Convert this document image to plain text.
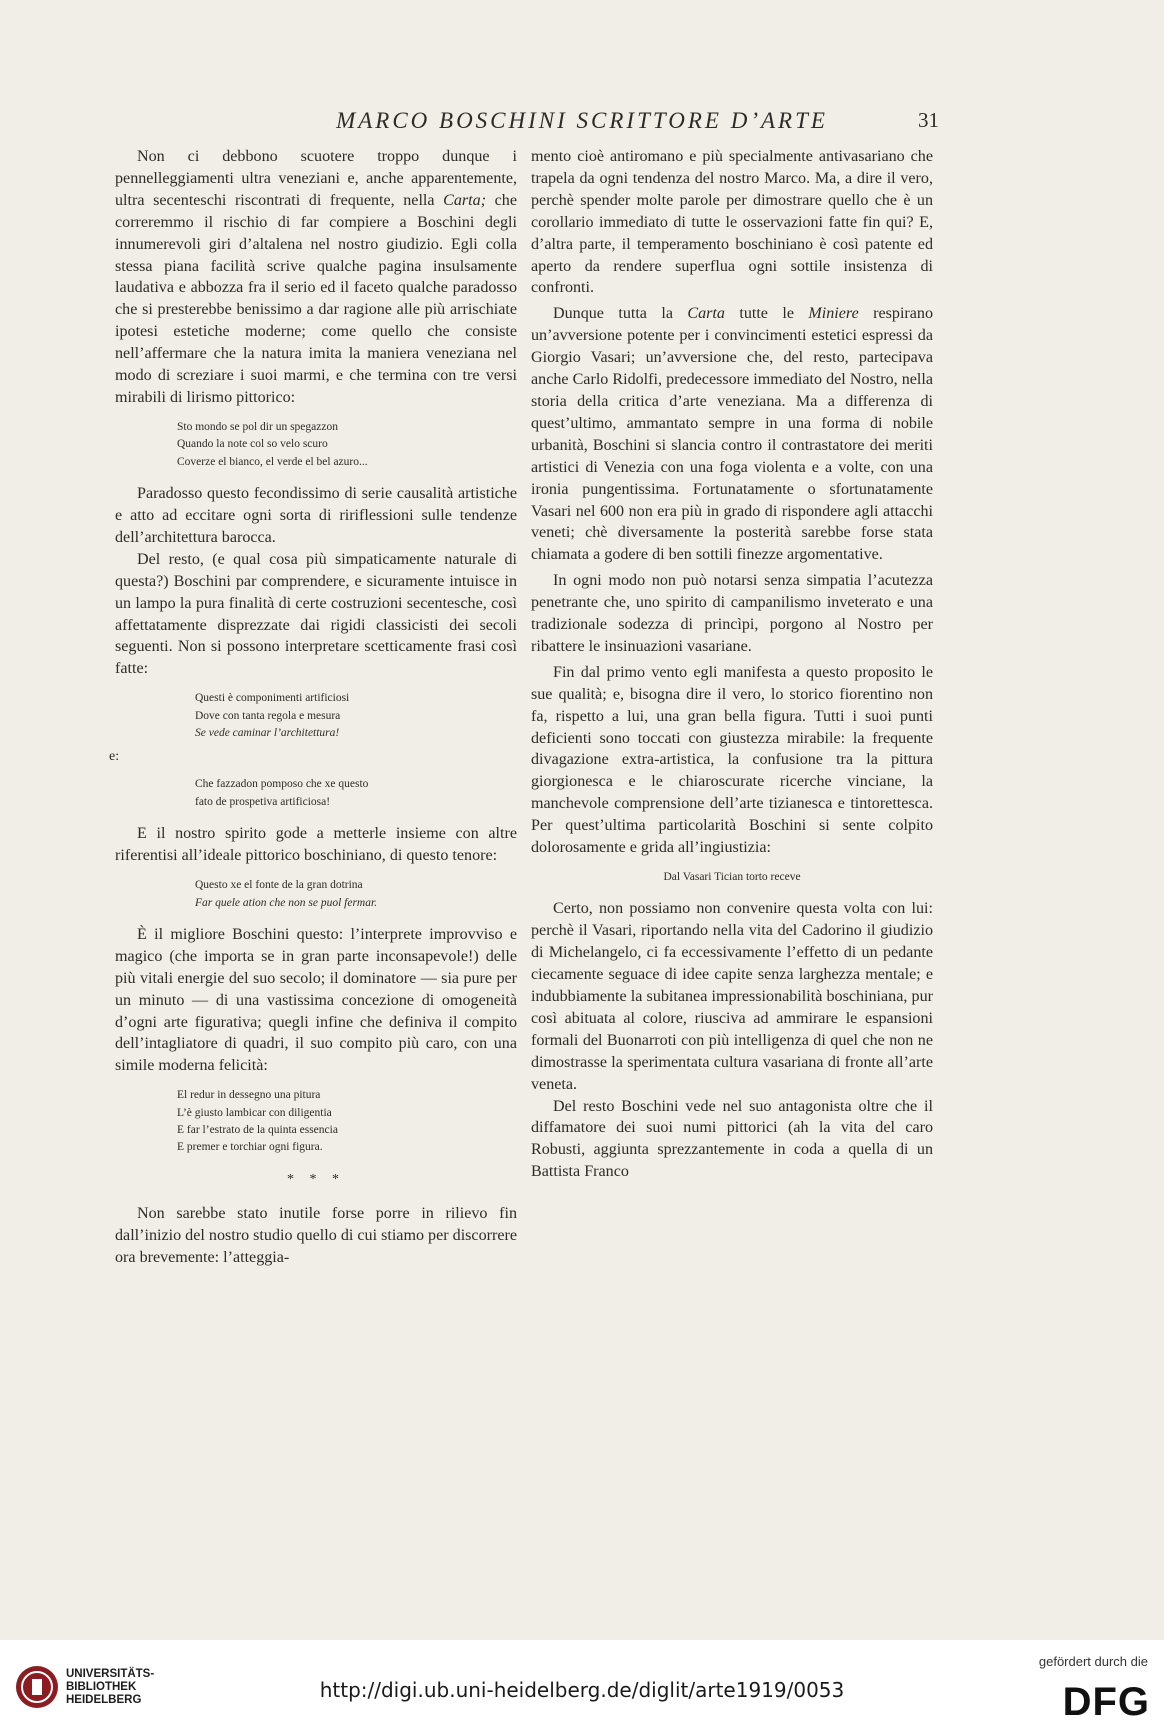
MARCO BOSCHINI SCRITTORE D’ARTE	31

Non ci debbono scuotere troppo dunque i pennelleggiamenti ultra veneziani e, anche apparentemente, ultra secenteschi riscontrati di frequente, nella Carta; che correremmo il rischio di far compiere a Boschini degli innumerevoli giri d’altalena nel nostro giudizio. Egli colla stessa piana facilità scrive qualche pagina insulsamente laudativa e abbozza fra il serio ed il faceto qualche paradosso che si presterebbe benissimo a dar ragione alle più arrischiate ipotesi estetiche moderne; come quello che consiste nell’affermare che la natura imita la maniera veneziana nel modo di screziare i suoi marmi, e che termina con tre versi mirabili di lirismo pittorico:

Sto mondo se pol dir un spegazzon
Quando la note col so velo scuro
Coverze el bianco, el verde el bel azuro...

Paradosso questo fecondissimo di serie causalità artistiche e atto ad eccitare ogni sorta di ririflessioni sulle tendenze dell’architettura barocca.

Del resto, (e qual cosa più simpaticamente naturale di questa?) Boschini par comprendere, e sicuramente intuisce in un lampo la pura finalità di certe costruzioni secentesche, così affettatamente disprezzate dai rigidi classicisti dei secoli seguenti. Non si possono interpretare scetticamente frasi così fatte:

Questi è componimenti artificiosi
Dove con tanta regola e mesura
Se vede caminar l’architettura!
e:
Che fazzadon pomposo che xe questo
fato de prospetiva artificiosa!

E il nostro spirito gode a metterle insieme con altre riferentisi all’ideale pittorico boschiniano, di questo tenore:

Questo xe el fonte de la gran dotrina
Far quele ation che non se puol fermar.

È il migliore Boschini questo: l’interprete improvviso e magico (che importa se in gran parte inconsapevole!) delle più vitali energie del suo secolo; il dominatore — sia pure per un minuto — di una vastissima concezione di omogeneità d’ogni arte figurativa; quegli infine che definiva il compito dell’intagliatore di quadri, il suo compito più caro, con una simile moderna felicità:

El redur in dessegno una pitura
L’è giusto lambicar con diligentia
E far l’estrato de la quinta essencia
E premer e torchiar ogni figura.
* * *

Non sarebbe stato inutile forse porre in rilievo fin dall’inizio del nostro studio quello di cui stiamo per discorrere ora brevemente: l’atteggia-

mento cioè antiromano e più specialmente antivasariano che trapela da ogni tendenza del nostro Marco. Ma, a dire il vero, perchè spender molte parole per dimostrare quello che è un corollario immediato di tutte le osservazioni fatte fin qui? E, d’altra parte, il temperamento boschiniano è così patente ed aperto da rendere superflua ogni sottile insistenza di confronti.

Dunque tutta la Carta tutte le Miniere respirano un’avversione potente per i convincimenti estetici espressi da Giorgio Vasari; un’avversione che, del resto, partecipava anche Carlo Ridolfi, predecessore immediato del Nostro, nella storia della critica d’arte veneziana. Ma a differenza di quest’ultimo, ammantato sempre in una forma di nobile urbanità, Boschini si slancia contro il contrastatore dei meriti artistici di Venezia con una foga violenta e a volte, con una ironia pungentissima. Fortunatamente o sfortunatamente Vasari nel 600 non era più in grado di rispondere agli attacchi veneti; chè diversamente la posterità sarebbe forse stata chiamata a godere di ben sottili finezze argomentative.

In ogni modo non può notarsi senza simpatia l’acutezza penetrante che, uno spirito di campanilismo inveterato e una tradizionale sodezza di princìpi, porgono al Nostro per ribattere le insinuazioni vasariane.

Fin dal primo vento egli manifesta a questo proposito le sue qualità; e, bisogna dire il vero, lo storico fiorentino non fa, rispetto a lui, una gran bella figura. Tutti i suoi punti deficienti sono toccati con giustezza mirabile: la frequente divagazione extra-artistica, la confusione tra la pittura giorgionesca e le chiaroscurate ricerche vinciane, la manchevole comprensione dell’arte tizianesca e tintorettesca. Per quest’ultima particolarità Boschini si sente colpito dolorosamente e grida all’ingiustizia:

Dal Vasari Tician torto receve

Certo, non possiamo non convenire questa volta con lui: perchè il Vasari, riportando nella vita del Cadorino il giudizio di Michelangelo, ci fa eccessivamente l’effetto di un pedante ciecamente seguace di idee capite senza larghezza mentale; e indubbiamente la subitanea impressionabilità boschiniana, pur così abituata al colore, riusciva ad ammirare le espansioni formali del Buonarroti con più intelligenza di quel che non ne dimostrasse la sperimentata cultura vasariana di fronte all’arte veneta.

Del resto Boschini vede nel suo antagonista oltre che il diffamatore dei suoi numi pittorici (ah la vita del caro Robusti, aggiunta sprezzantemente in coda a quella di un Battista Franco

UNIVERSITÄTS-
BIBLIOTHEK
HEIDELBERG	http://digi.ub.uni-heidelberg.de/diglit/arte1919/0053
gefördert durch die
DFG
